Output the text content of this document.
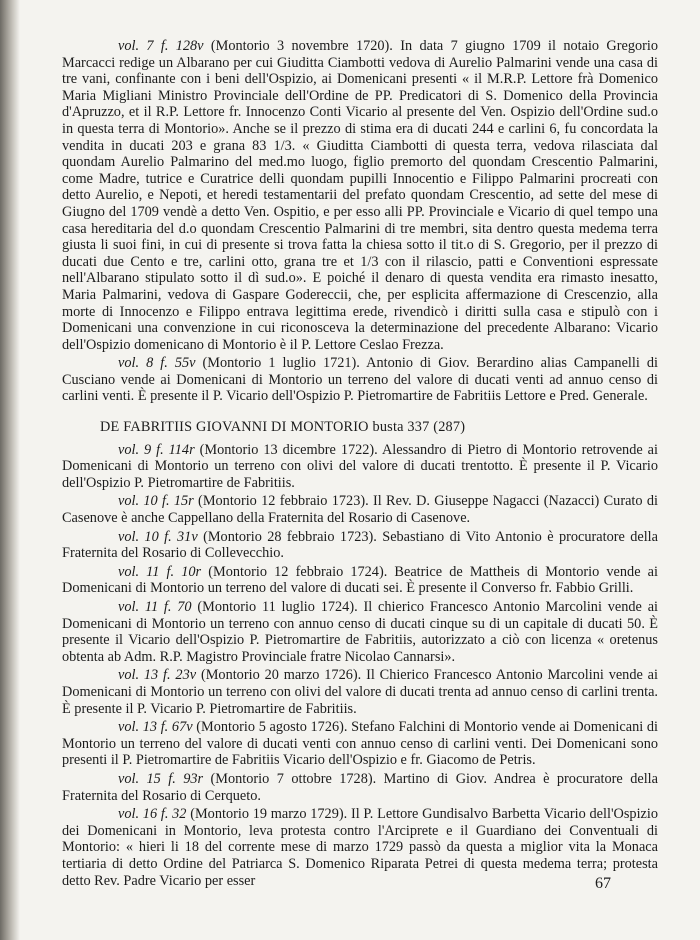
vol. 7 f. 128v (Montorio 3 novembre 1720). In data 7 giugno 1709 il notaio Gregorio Marcacci redige un Albarano per cui Giuditta Ciambotti vedova di Aurelio Palmarini vende una casa di tre vani, confinante con i beni dell'Ospizio, ai Domenicani presenti « il M.R.P. Lettore frà Domenico Maria Migliani Ministro Provinciale dell'Ordine de PP. Predicatori di S. Domenico della Provincia d'Apruzzo, et il R.P. Lettore fr. Innocenzo Conti Vicario al presente del Ven. Ospizio dell'Ordine sud.o in questa terra di Montorio». Anche se il prezzo di stima era di ducati 244 e carlini 6, fu concordata la vendita in ducati 203 e grana 83 1/3. « Giuditta Ciambotti di questa terra, vedova rilasciata dal quondam Aurelio Palmarino del med.mo luogo, figlio premorto del quondam Crescentio Palmarini, come Madre, tutrice e Curatrice delli quondam pupilli Innocentio e Filippo Palmarini procreati con detto Aurelio, e Nepoti, et heredi testamentarii del prefato quondam Crescentio, ad sette del mese di Giugno del 1709 vendè a detto Ven. Ospitio, e per esso alli PP. Provinciale e Vicario di quel tempo una casa hereditaria del d.o quondam Crescentio Palmarini di tre membri, sita dentro questa medema terra giusta li suoi fini, in cui di presente si trova fatta la chiesa sotto il tit.o di S. Gregorio, per il prezzo di ducati due Cento e tre, carlini otto, grana tre et 1/3 con il rilascio, patti e Conventioni espressate nell'Albarano stipulato sotto il dì sud.o». E poiché il denaro di questa vendita era rimasto inesatto, Maria Palmarini, vedova di Gaspare Godereccii, che, per esplicita affermazione di Crescenzio, alla morte di Innocenzo e Filippo entrava legittima erede, rivendicò i diritti sulla casa e stipulò con i Domenicani una convenzione in cui riconosceva la determinazione del precedente Albarano: Vicario dell'Ospizio domenicano di Montorio è il P. Lettore Ceslao Frezza.

vol. 8 f. 55v (Montorio 1 luglio 1721). Antonio di Giov. Berardino alias Campanelli di Cusciano vende ai Domenicani di Montorio un terreno del valore di ducati venti ad annuo censo di carlini venti. È presente il P. Vicario dell'Ospizio P. Pietromartire de Fabritiis Lettore e Pred. Generale.

DE FABRITIIS GIOVANNI DI MONTORIO busta 337 (287)

vol. 9 f. 114r (Montorio 13 dicembre 1722). Alessandro di Pietro di Montorio retrovende ai Domenicani di Montorio un terreno con olivi del valore di ducati trentotto. È presente il P. Vicario dell'Ospizio P. Pietromartire de Fabritiis.

vol. 10 f. 15r (Montorio 12 febbraio 1723). Il Rev. D. Giuseppe Nagacci (Nazacci) Curato di Casenove è anche Cappellano della Fraternita del Rosario di Casenove.

vol. 10 f. 31v (Montorio 28 febbraio 1723). Sebastiano di Vito Antonio è procuratore della Fraternita del Rosario di Collevecchio.

vol. 11 f. 10r (Montorio 12 febbraio 1724). Beatrice de Mattheis di Montorio vende ai Domenicani di Montorio un terreno del valore di ducati sei. È presente il Converso fr. Fabbio Grilli.

vol. 11 f. 70 (Montorio 11 luglio 1724). Il chierico Francesco Antonio Marcolini vende ai Domenicani di Montorio un terreno con annuo censo di ducati cinque su di un capitale di ducati 50. È presente il Vicario dell'Ospizio P. Pietromartire de Fabritiis, autorizzato a ciò con licenza « oretenus obtenta ab Adm. R.P. Magistro Provinciale fratre Nicolao Cannarsi».

vol. 13 f. 23v (Montorio 20 marzo 1726). Il Chierico Francesco Antonio Marcolini vende ai Domenicani di Montorio un terreno con olivi del valore di ducati trenta ad annuo censo di carlini trenta. È presente il P. Vicario P. Pietromartire de Fabritiis.

vol. 13 f. 67v (Montorio 5 agosto 1726). Stefano Falchini di Montorio vende ai Domenicani di Montorio un terreno del valore di ducati venti con annuo censo di carlini venti. Dei Domenicani sono presenti il P. Pietromartire de Fabritiis Vicario dell'Ospizio e fr. Giacomo de Petris.

vol. 15 f. 93r (Montorio 7 ottobre 1728). Martino di Giov. Andrea è procuratore della Fraternita del Rosario di Cerqueto.

vol. 16 f. 32 (Montorio 19 marzo 1729). Il P. Lettore Gundisalvo Barbetta Vicario dell'Ospizio dei Domenicani in Montorio, leva protesta contro l'Arciprete e il Guardiano dei Conventuali di Montorio: « hieri li 18 del corrente mese di marzo 1729 passò da questa a miglior vita la Monaca tertiaria di detto Ordine del Patriarca S. Domenico Riparata Petrei di questa medema terra; protesta detto Rev. Padre Vicario per esser	67
